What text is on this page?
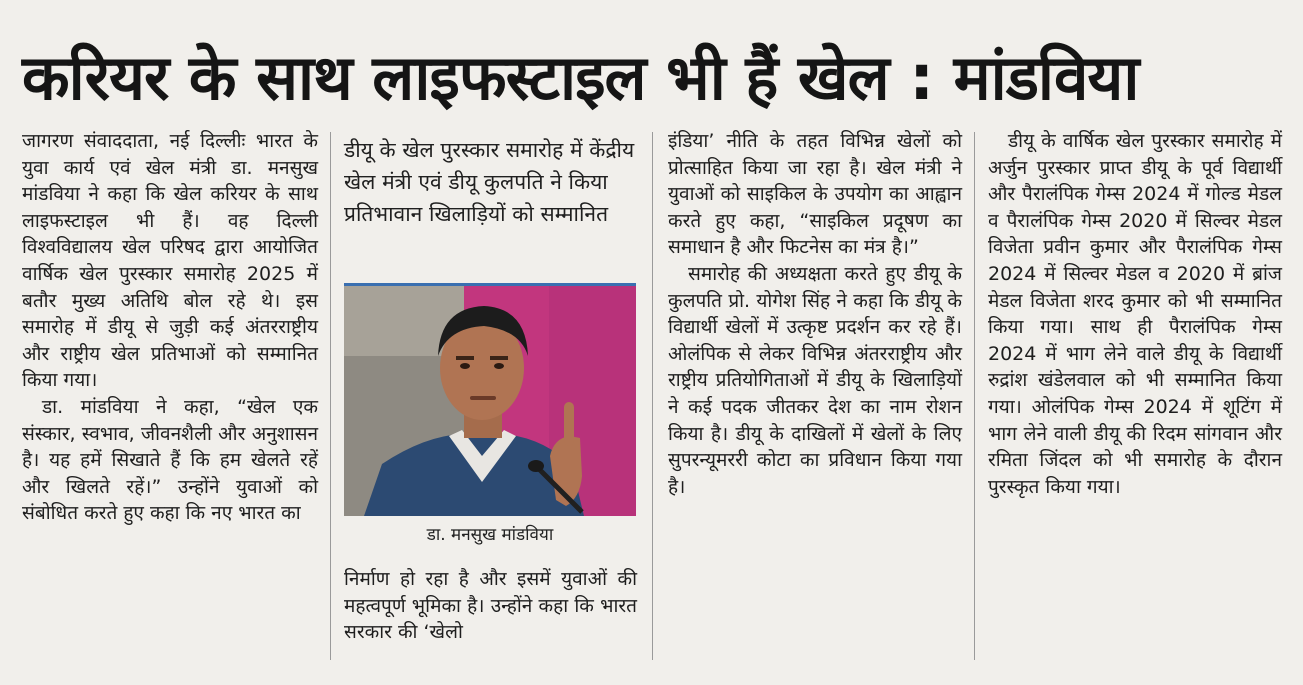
करियर के साथ लाइफस्टाइल भी हैं खेल : मांडविया

जागरण संवाददाता, नई दिल्लीः भारत के युवा कार्य एवं खेल मंत्री डा. मनसुख मांडविया ने कहा कि खेल करियर के साथ लाइफस्टाइल भी हैं। वह दिल्ली विश्वविद्यालय खेल परिषद द्वारा आयोजित वार्षिक खेल पुरस्कार समारोह 2025 में बतौर मुख्य अतिथि बोल रहे थे। इस समारोह में डीयू से जुड़ी कई अंतरराष्ट्रीय और राष्ट्रीय खेल प्रतिभाओं को सम्मानित किया गया।

डा. मांडविया ने कहा, “खेल एक संस्कार, स्वभाव, जीवनशैली और अनुशासन है। यह हमें सिखाते हैं कि हम खेलते रहें और खिलते रहें।” उन्होंने युवाओं को संबोधित करते हुए कहा कि नए भारत का

डीयू के खेल पुरस्कार समारोह में केंद्रीय खेल मंत्री एवं डीयू कुलपति ने किया प्रतिभावान खिलाड़ियों को सम्मानित
डा. मनसुख मांडविया

निर्माण हो रहा है और इसमें युवाओं की महत्वपूर्ण भूमिका है। उन्होंने कहा कि भारत सरकार की ‘खेलो

इंडिया’ नीति के तहत विभिन्न खेलों को प्रोत्साहित किया जा रहा है। खेल मंत्री ने युवाओं को साइकिल के उपयोग का आह्वान करते हुए कहा, “साइकिल प्रदूषण का समाधान है और फिटनेस का मंत्र है।”

समारोह की अध्यक्षता करते हुए डीयू के कुलपति प्रो. योगेश सिंह ने कहा कि डीयू के विद्यार्थी खेलों में उत्कृष्ट प्रदर्शन कर रहे हैं। ओलंपिक से लेकर विभिन्न अंतरराष्ट्रीय और राष्ट्रीय प्रतियोगिताओं में डीयू के खिलाड़ियों ने कई पदक जीतकर देश का नाम रोशन किया है। डीयू के दाखिलों में खेलों के लिए सुपरन्यूमररी कोटा का प्रविधान किया गया है।

डीयू के वार्षिक खेल पुरस्कार समारोह में अर्जुन पुरस्कार प्राप्त डीयू के पूर्व विद्यार्थी और पैरालंपिक गेम्स 2024 में गोल्ड मेडल व पैरालंपिक गेम्स 2020 में सिल्वर मेडल विजेता प्रवीन कुमार और पैरालंपिक गेम्स 2024 में सिल्वर मेडल व 2020 में ब्रांज मेडल विजेता शरद कुमार को भी सम्मानित किया गया। साथ ही पैरालंपिक गेम्स 2024 में भाग लेने वाले डीयू के विद्यार्थी रुद्रांश खंडेलवाल को भी सम्मानित किया गया। ओलंपिक गेम्स 2024 में शूटिंग में भाग लेने वाली डीयू की रिदम सांगवान और रमिता जिंदल को भी समारोह के दौरान पुरस्कृत किया गया।
